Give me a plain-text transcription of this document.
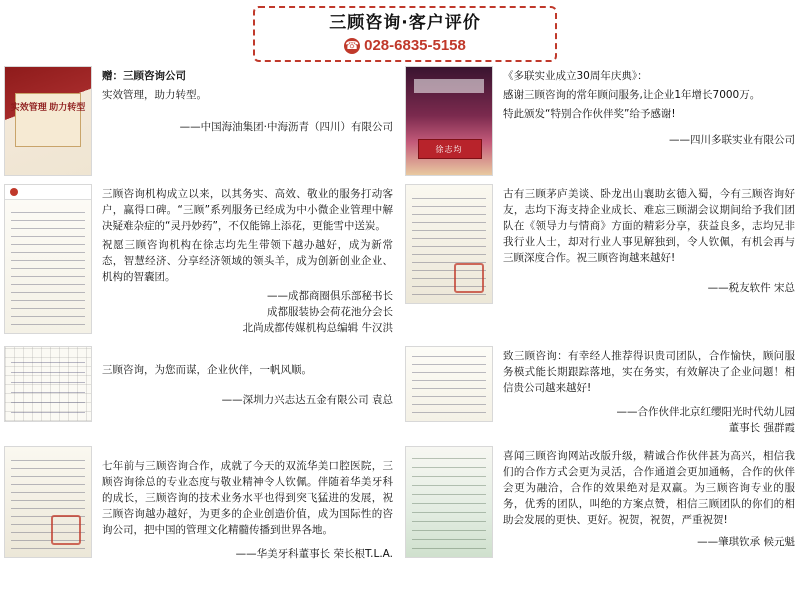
三顾咨询·客户评价
☎ 028-6835-5158
实效管理 助力转型

赠：三顾咨询公司

实效管理，助力转型。

——中国海油集团·中海沥青（四川）有限公司
徐志均

《多联实业成立30周年庆典》：

感谢三顾咨询的常年顾问服务,让企业1年增长7000万。

特此颁发“特别合作伙伴奖”给予感谢!

——四川多联实业有限公司

三顾咨询机构成立以来，以其务实、高效、敬业的服务打动客户，赢得口碑。“三顾”系列服务已经成为中小微企业管理中解决疑难杂症的“灵丹妙药”，不仅能锦上添花，更能雪中送炭。

祝愿三顾咨询机构在徐志均先生带领下越办越好，成为新常态，智慧经济、分享经济领域的领头羊，成为创新创业企业、机构的智囊团。

——成都商圈俱乐部秘书长
成都服装协会荷花池分会长
北尚成都传媒机构总编辑 牛汉洪

古有三顾茅庐美谈、卧龙出山襄助玄德入蜀，今有三顾咨询好友，志均下海支持企业成长、难忘三顾湖会议期间给予我们团队在《领导力与情商》方面的精彩分享，获益良多，志均兄非我行业人士，却对行业人事见解独到，令人钦佩，有机会再与三顾深度合作。祝三顾咨询越来越好!

——税友软件 宋总

三顾咨询，为您而谋，企业伙伴，一帆风顺。

——深圳力兴志达五金有限公司 袁总

致三顾咨询：有幸经人推荐得识贵司团队，合作愉快，顾问服务模式能长期跟踪落地，实在务实，有效解决了企业问题！相信贵公司越来越好!

——合作伙伴北京红缨阳光时代幼儿园
董事长 强群霞

七年前与三顾咨询合作，成就了今天的双流华美口腔医院，三顾咨询徐总的专业态度与敬业精神令人钦佩。伴随着华美牙科的成长，三顾咨询的技术业务水平也得到突飞猛进的发展，祝三顾咨询越办越好，为更多的企业创造价值，成为国际性的咨询公司，把中国的管理文化精髓传播到世界各地。

——华美牙科董事长 荣长根T.L.A.

喜闻三顾咨询网站改版升级，精诚合作伙伴甚为高兴，相信我们的合作方式会更为灵活，合作通道会更加通畅，合作的伙伴会更为融洽，合作的效果绝对是双赢。为三顾咨询专业的服务，优秀的团队，叫绝的方案点赞，相信三顾团队的你们的相助会发展的更快、更好。祝贺，祝贺，严重祝贺!

——肇琪钦承 候元魁
